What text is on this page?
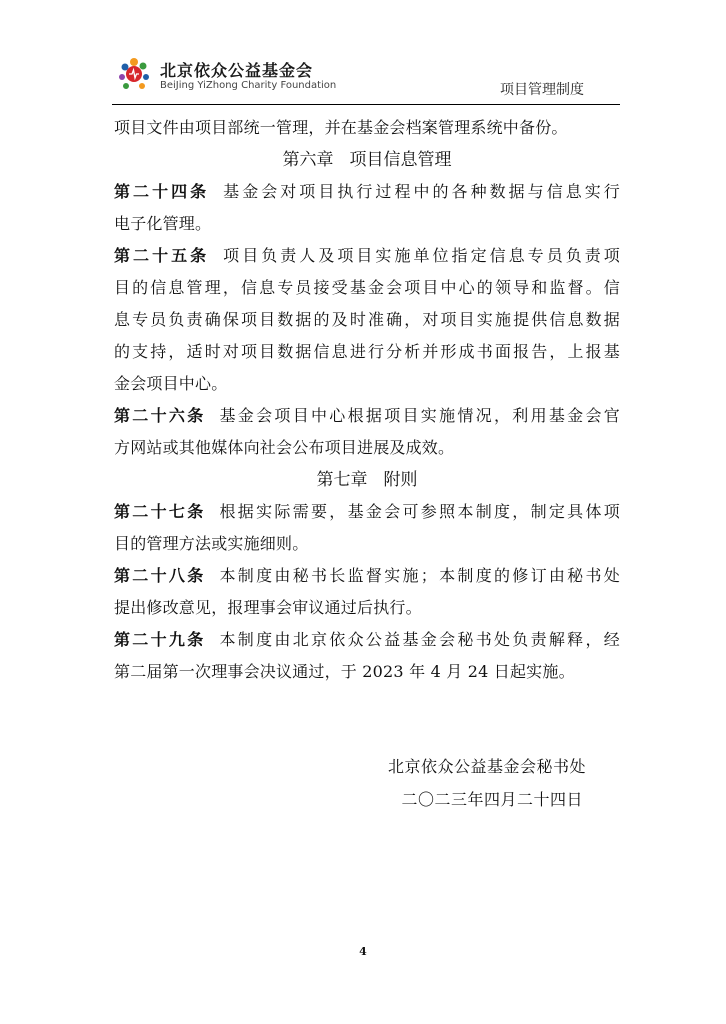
北京依众公益基金会
BeiJing YiZhong Charity Foundation	项目管理制度
项目文件由项目部统一管理，并在基金会档案管理系统中备份。
第六章 项目信息管理
第二十四条 基金会对项目执行过程中的各种数据与信息实行
电子化管理。
第二十五条 项目负责人及项目实施单位指定信息专员负责项
目的信息管理，信息专员接受基金会项目中心的领导和监督。信
息专员负责确保项目数据的及时准确，对项目实施提供信息数据
的支持，适时对项目数据信息进行分析并形成书面报告，上报基
金会项目中心。
第二十六条 基金会项目中心根据项目实施情况，利用基金会官
方网站或其他媒体向社会公布项目进展及成效。
第七章 附则
第二十七条 根据实际需要，基金会可参照本制度，制定具体项
目的管理方法或实施细则。
第二十八条 本制度由秘书长监督实施；本制度的修订由秘书处
提出修改意见，报理事会审议通过后执行。
第二十九条 本制度由北京依众公益基金会秘书处负责解释，经
第二届第一次理事会决议通过，于 2023 年 4 月 24 日起实施。
北京依众公益基金会秘书处
二〇二三年四月二十四日
4
